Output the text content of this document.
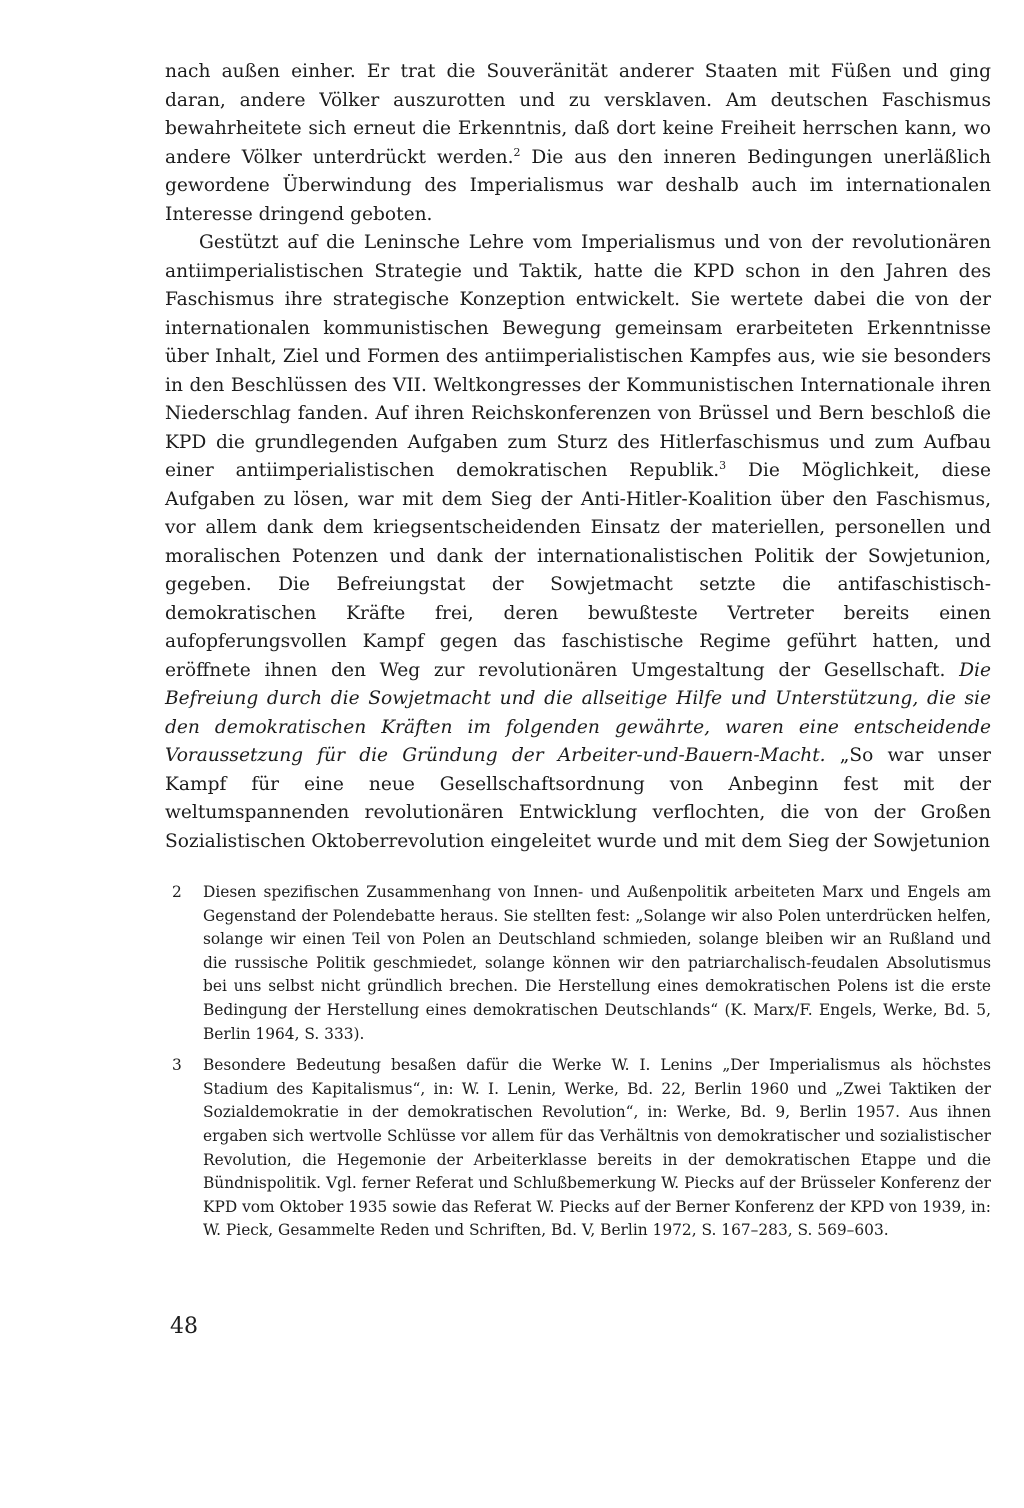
nach außen einher. Er trat die Souveränität anderer Staaten mit Füßen und ging daran, andere Völker auszurotten und zu versklaven. Am deutschen Faschismus bewahrheitete sich erneut die Erkenntnis, daß dort keine Freiheit herrschen kann, wo andere Völker unterdrückt werden.$^2$ Die aus den inneren Bedingungen unerläßlich gewordene Überwindung des Imperialismus war deshalb auch im internationalen Interesse dringend geboten.

Gestützt auf die Leninsche Lehre vom Imperialismus und von der revolutionären antiimperialistischen Strategie und Taktik, hatte die KPD schon in den Jahren des Faschismus ihre strategische Konzeption entwickelt. Sie wertete dabei die von der internationalen kommunistischen Bewegung gemeinsam erarbeiteten Erkenntnisse über Inhalt, Ziel und Formen des antiimperialistischen Kampfes aus, wie sie besonders in den Beschlüssen des VII. Weltkongresses der Kommunistischen Internationale ihren Niederschlag fanden. Auf ihren Reichskonferenzen von Brüssel und Bern beschloß die KPD die grundlegenden Aufgaben zum Sturz des Hitlerfaschismus und zum Aufbau einer antiimperialistischen demokratischen Republik.$^3$ Die Möglichkeit, diese Aufgaben zu lösen, war mit dem Sieg der Anti-Hitler-Koalition über den Faschismus, vor allem dank dem kriegsentscheidenden Einsatz der materiellen, personellen und moralischen Potenzen und dank der internationalistischen Politik der Sowjetunion, gegeben. Die Befreiungstat der Sowjetmacht setzte die antifaschistisch-demokratischen Kräfte frei, deren bewußteste Vertreter bereits einen aufopferungsvollen Kampf gegen das faschistische Regime geführt hatten, und eröffnete ihnen den Weg zur revolutionären Umgestaltung der Gesellschaft. Die Befreiung durch die Sowjetmacht und die allseitige Hilfe und Unterstützung, die sie den demokratischen Kräften im folgenden gewährte, waren eine entscheidende Voraussetzung für die Gründung der Arbeiter-und-Bauern-Macht. „So war unser Kampf für eine neue Gesellschaftsordnung von Anbeginn fest mit der weltumspannenden revolutionären Entwicklung verflochten, die von der Großen Sozialistischen Oktoberrevolution eingeleitet wurde und mit dem Sieg der Sowjetunion

2 Diesen spezifischen Zusammenhang von Innen- und Außenpolitik arbeiteten Marx und Engels am Gegenstand der Polendebatte heraus. Sie stellten fest: „Solange wir also Polen unterdrücken helfen, solange wir einen Teil von Polen an Deutschland schmieden, solange bleiben wir an Rußland und die russische Politik geschmiedet, solange können wir den patriarchalisch-feudalen Absolutismus bei uns selbst nicht gründlich brechen. Die Herstellung eines demokratischen Polens ist die erste Bedingung der Herstellung eines demokratischen Deutschlands“ (K. Marx/F. Engels, Werke, Bd. 5, Berlin 1964, S. 333).
3 Besondere Bedeutung besaßen dafür die Werke W. I. Lenins „Der Imperialismus als höchstes Stadium des Kapitalismus“, in: W. I. Lenin, Werke, Bd. 22, Berlin 1960 und „Zwei Taktiken der Sozialdemokratie in der demokratischen Revolution“, in: Werke, Bd. 9, Berlin 1957. Aus ihnen ergaben sich wertvolle Schlüsse vor allem für das Verhältnis von demokratischer und sozialistischer Revolution, die Hegemonie der Arbeiterklasse bereits in der demokratischen Etappe und die Bündnispolitik. Vgl. ferner Referat und Schlußbemerkung W. Piecks auf der Brüsseler Konferenz der KPD vom Oktober 1935 sowie das Referat W. Piecks auf der Berner Konferenz der KPD von 1939, in: W. Pieck, Gesammelte Reden und Schriften, Bd. V, Berlin 1972, S. 167–283, S. 569–603.
48
